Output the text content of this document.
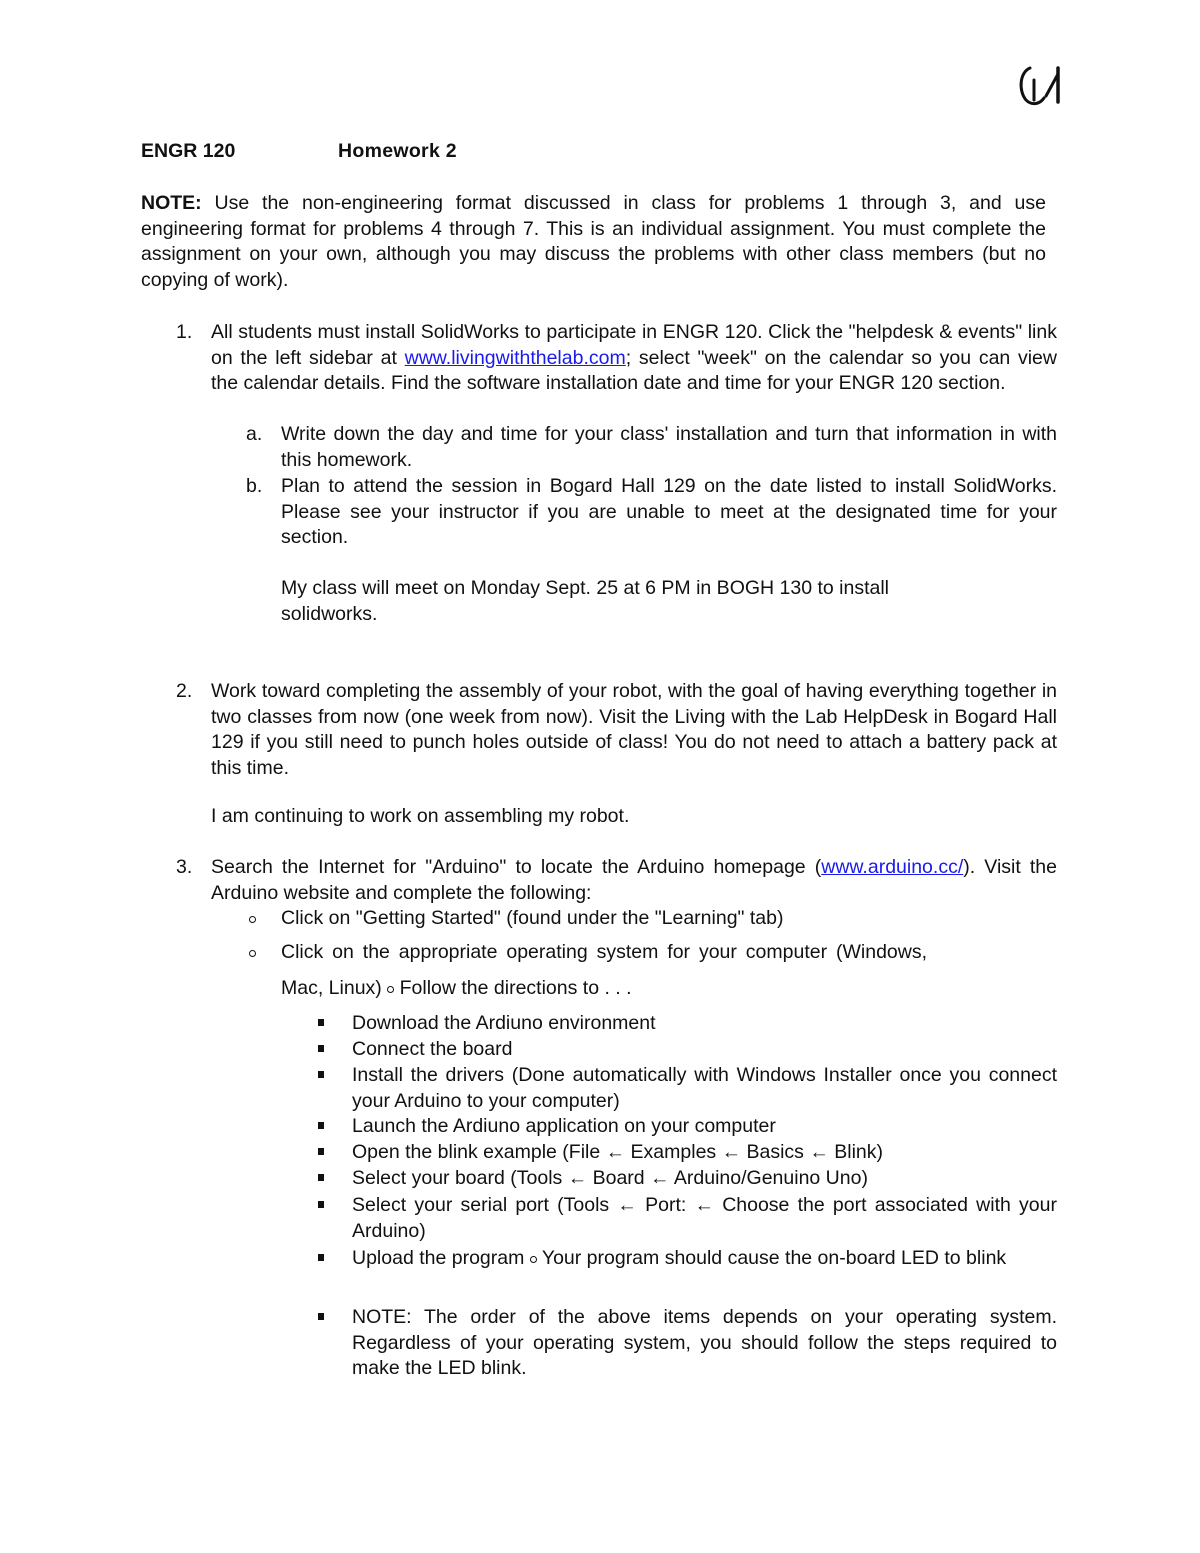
ENGR 120	Homework 2
NOTE: Use the non-engineering format discussed in class for problems 1 through 3, and use engineering format for problems 4 through 7. This is an individual assignment. You must complete the assignment on your own, although you may discuss the problems with other class members (but no copying of work).
1. All students must install SolidWorks to participate in ENGR 120. Click the "helpdesk & events" link on the left sidebar at www.livingwiththelab.com; select "week" on the calendar so you can view the calendar details. Find the software installation date and time for your ENGR 120 section.
a. Write down the day and time for your class' installation and turn that information in with this homework.
b. Plan to attend the session in Bogard Hall 129 on the date listed to install SolidWorks. Please see your instructor if you are unable to meet at the designated time for your section.
My class will meet on Monday Sept. 25 at 6 PM in BOGH 130 to install solidworks.
2. Work toward completing the assembly of your robot, with the goal of having everything together in two classes from now (one week from now). Visit the Living with the Lab HelpDesk in Bogard Hall 129 if you still need to punch holes outside of class! You do not need to attach a battery pack at this time.
I am continuing to work on assembling my robot.
3. Search the Internet for "Arduino" to locate the Arduino homepage (www.arduino.cc/). Visit the Arduino website and complete the following:
Click on "Getting Started" (found under the "Learning" tab)
Click on the appropriate operating system for your computer (Windows,
Mac, Linux)  Follow the directions to . . .
Download the Ardiuno environment
Connect the board
Install the drivers (Done automatically with Windows Installer once you connect your Arduino to your computer)
Launch the Ardiuno application on your computer
Open the blink example (File ← Examples ← Basics ← Blink)
Select your board (Tools ← Board ← Arduino/Genuino Uno)
Select your serial port (Tools ← Port: ← Choose the port associated with your Arduino)
Upload the program  Your program should cause the on-board LED to blink
NOTE: The order of the above items depends on your operating system. Regardless of your operating system, you should follow the steps required to make the LED blink.
